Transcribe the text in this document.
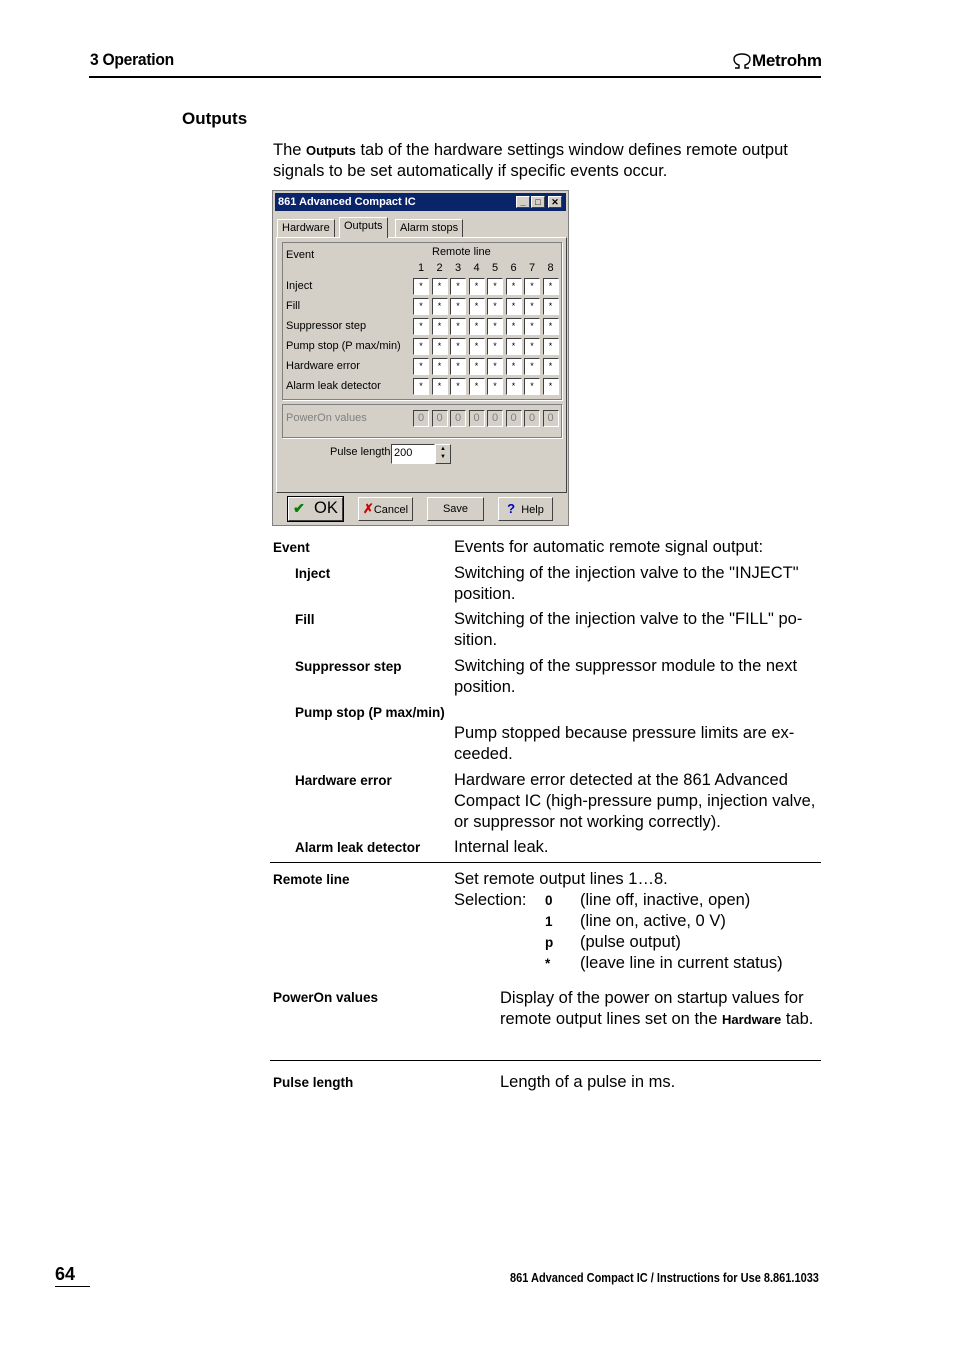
3 Operation	Metrohm
Outputs
The Outputs tab of the hardware settings window defines remote output signals to be set automatically if specific events occur.
861 Advanced Compact IC	_	□	✕
Hardware	Outputs	Alarm stops
Event	Remote line
1 2 3 4 5 6 7 8
Inject	*	*	*	*	*	*	*	*
Fill	*	*	*	*	*	*	*	*
Suppressor step	*	*	*	*	*	*	*	*
Pump stop (P max/min)	*	*	*	*	*	*	*	*
Hardware error	*	*	*	*	*	*	*	*
Alarm leak detector	*	*	*	*	*	*	*	*
PowerOn values	0	0	0	0	0	0	0	0
Pulse length 200	▲
▼
✔ OK	✗Cancel	Save	? Help
Event	Events for automatic remote signal output:
Inject	Switching of the injection valve to the "INJECT" position.
Fill	Switching of the injection valve to the "FILL" position.
Suppressor step	Switching of the suppressor module to the next position.
Pump stop (P max/min)
Pump stopped because pressure limits are exceeded.
Hardware error	Hardware error detected at the 861 Advanced Compact IC (high-pressure pump, injection valve, or suppressor not working correctly).
Alarm leak detector Internal leak.
Remote line	Set remote output lines 1…8.
Selection: 0 (line off, inactive, open)
1 (line on, active, 0 V)
p (pulse output)
* (leave line in current status)
PowerOn values	Display of the power on startup values for remote output lines set on the Hardware tab.
Pulse length	Length of a pulse in ms.
64	861 Advanced Compact IC / Instructions for Use 8.861.1033
